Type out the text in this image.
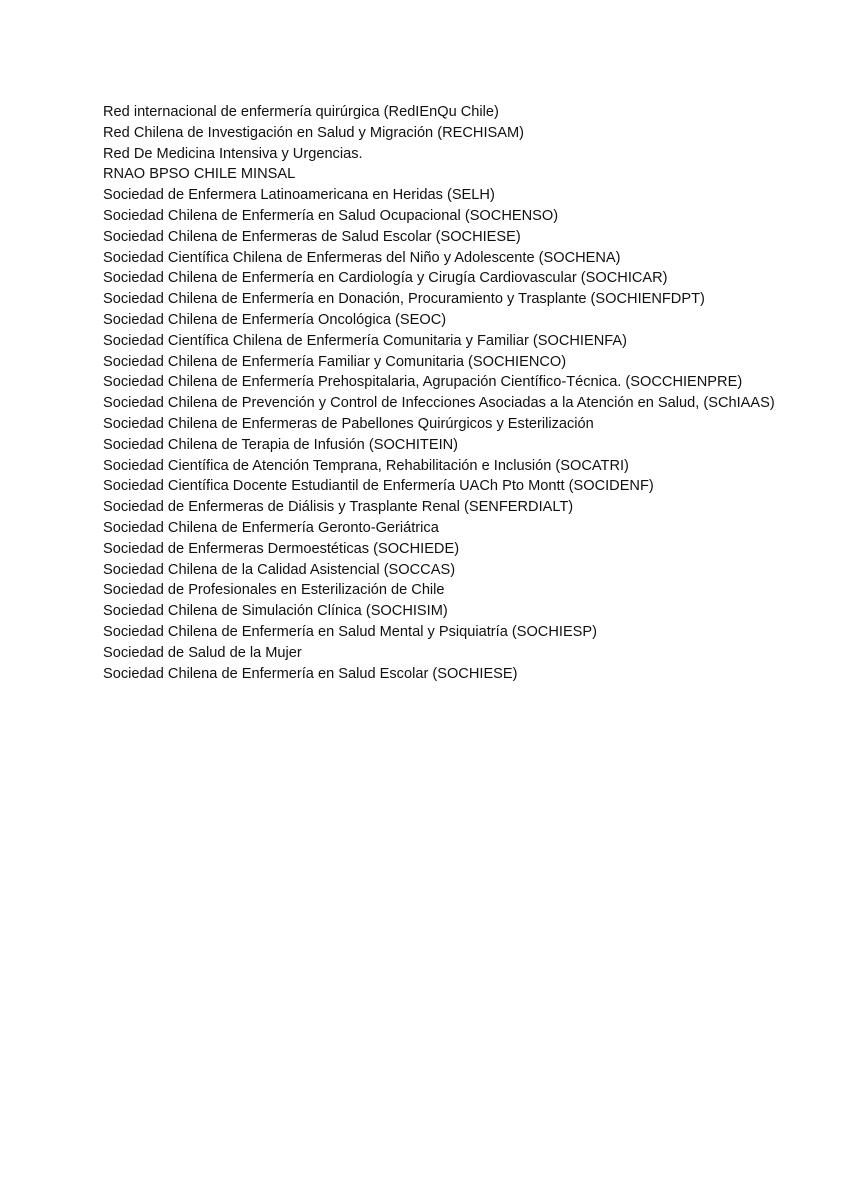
Red internacional de enfermería quirúrgica (RedIEnQu Chile)
Red Chilena de Investigación en Salud y Migración (RECHISAM)
Red De Medicina Intensiva y Urgencias.
RNAO BPSO CHILE MINSAL
Sociedad de Enfermera Latinoamericana en Heridas (SELH)
Sociedad Chilena de Enfermería en Salud Ocupacional (SOCHENSO)
Sociedad Chilena de Enfermeras de Salud Escolar (SOCHIESE)
Sociedad Científica Chilena de Enfermeras del Niño y Adolescente (SOCHENA)
Sociedad Chilena de Enfermería en Cardiología y Cirugía Cardiovascular (SOCHICAR)
Sociedad Chilena de Enfermería en Donación, Procuramiento y Trasplante (SOCHIENFDPT)
Sociedad Chilena de Enfermería Oncológica (SEOC)
Sociedad Científica Chilena de Enfermería Comunitaria y Familiar (SOCHIENFA)
Sociedad Chilena de Enfermería Familiar y Comunitaria (SOCHIENCO)
Sociedad Chilena de Enfermería Prehospitalaria, Agrupación Científico-Técnica. (SOCCHIENPRE)
Sociedad Chilena de Prevención y Control de Infecciones Asociadas a la Atención en Salud, (SChIAAS)
Sociedad Chilena de Enfermeras de Pabellones Quirúrgicos y Esterilización
Sociedad Chilena de Terapia de Infusión (SOCHITEIN)
Sociedad Científica de Atención Temprana, Rehabilitación e Inclusión (SOCATRI)
Sociedad Científica Docente Estudiantil de Enfermería UACh Pto Montt (SOCIDENF)
Sociedad de Enfermeras de Diálisis y Trasplante Renal (SENFERDIALT)
Sociedad Chilena de Enfermería Geronto-Geriátrica
Sociedad de Enfermeras Dermoestéticas (SOCHIEDE)
Sociedad Chilena de la Calidad Asistencial (SOCCAS)
Sociedad de Profesionales en Esterilización de Chile
Sociedad Chilena de Simulación Clínica (SOCHISIM)
Sociedad Chilena de Enfermería en Salud Mental y Psiquiatría (SOCHIESP)
Sociedad de Salud de la Mujer
Sociedad Chilena de Enfermería en Salud Escolar (SOCHIESE)
